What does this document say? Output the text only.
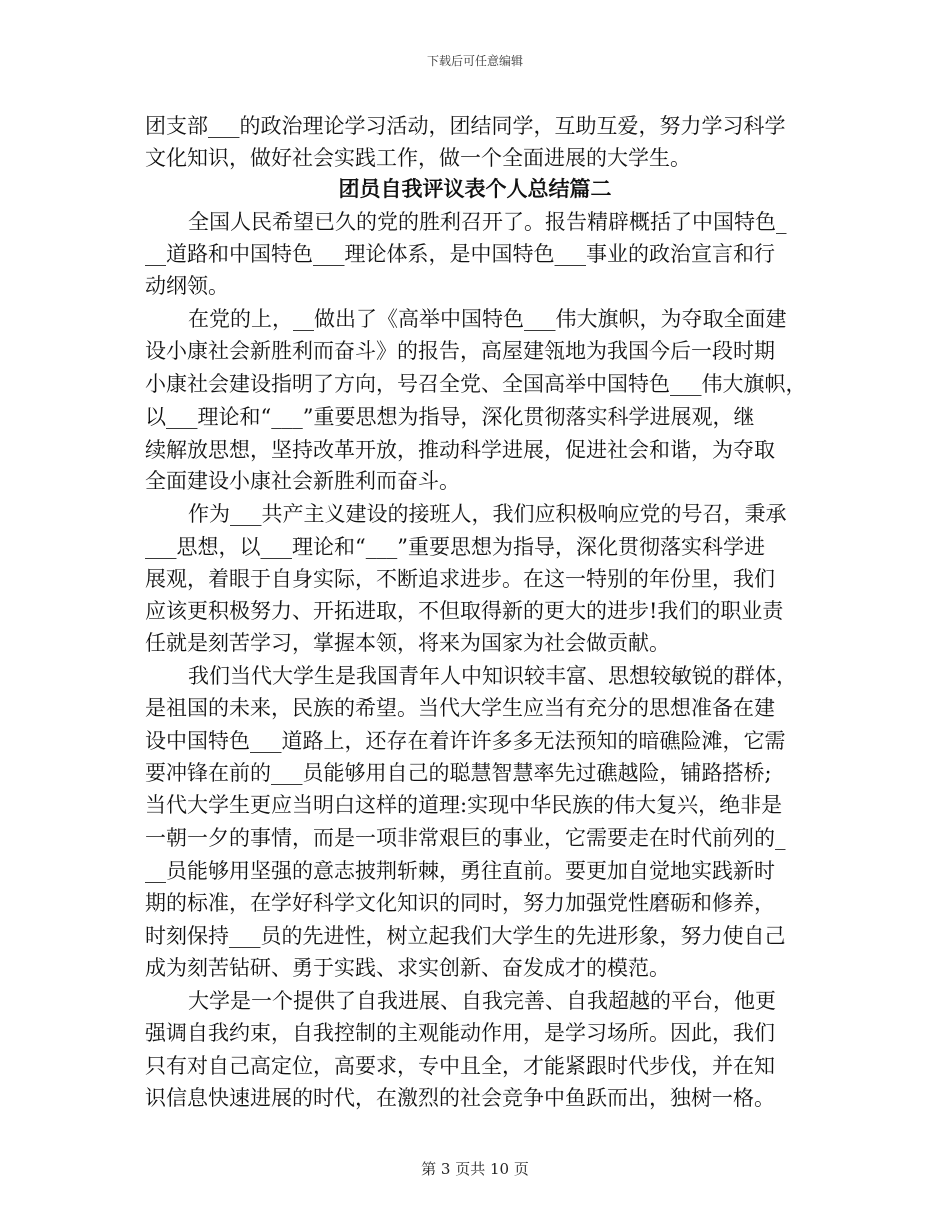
下载后可任意编辑
团支部___的政治理论学习活动，团结同学，互助互爱，努力学习科学
文化知识，做好社会实践工作，做一个全面进展的大学生。
团员自我评议表个人总结篇二
全国人民希望已久的党的胜利召开了。报告精辟概括了中国特色_
__道路和中国特色___理论体系，是中国特色___事业的政治宣言和行
动纲领。
在党的上，__做出了《高举中国特色___伟大旗帜，为夺取全面建
设小康社会新胜利而奋斗》的报告，高屋建瓴地为我国今后一段时期
小康社会建设指明了方向，号召全党、全国高举中国特色___伟大旗帜，
以___理论和“___”重要思想为指导，深化贯彻落实科学进展观，继
续解放思想，坚持改革开放，推动科学进展，促进社会和谐，为夺取
全面建设小康社会新胜利而奋斗。
作为___共产主义建设的接班人，我们应积极响应党的号召，秉承
___思想，以___理论和“___”重要思想为指导，深化贯彻落实科学进
展观，着眼于自身实际，不断追求进步。在这一特别的年份里，我们
应该更积极努力、开拓进取，不但取得新的更大的进步!我们的职业责
任就是刻苦学习，掌握本领，将来为国家为社会做贡献。
我们当代大学生是我国青年人中知识较丰富、思想较敏锐的群体，
是祖国的未来，民族的希望。当代大学生应当有充分的思想准备在建
设中国特色___道路上，还存在着许许多多无法预知的暗礁险滩，它需
要冲锋在前的___员能够用自己的聪慧智慧率先过礁越险，铺路搭桥;
当代大学生更应当明白这样的道理:实现中华民族的伟大复兴，绝非是
一朝一夕的事情，而是一项非常艰巨的事业，它需要走在时代前列的_
__员能够用坚强的意志披荆斩棘，勇往直前。要更加自觉地实践新时
期的标准，在学好科学文化知识的同时，努力加强党性磨砺和修养，
时刻保持___员的先进性，树立起我们大学生的先进形象，努力使自己
成为刻苦钻研、勇于实践、求实创新、奋发成才的模范。
大学是一个提供了自我进展、自我完善、自我超越的平台，他更
强调自我约束，自我控制的主观能动作用，是学习场所。因此，我们
只有对自己高定位，高要求，专中且全，才能紧跟时代步伐，并在知
识信息快速进展的时代，在激烈的社会竞争中鱼跃而出，独树一格。
第 3 页共 10 页
